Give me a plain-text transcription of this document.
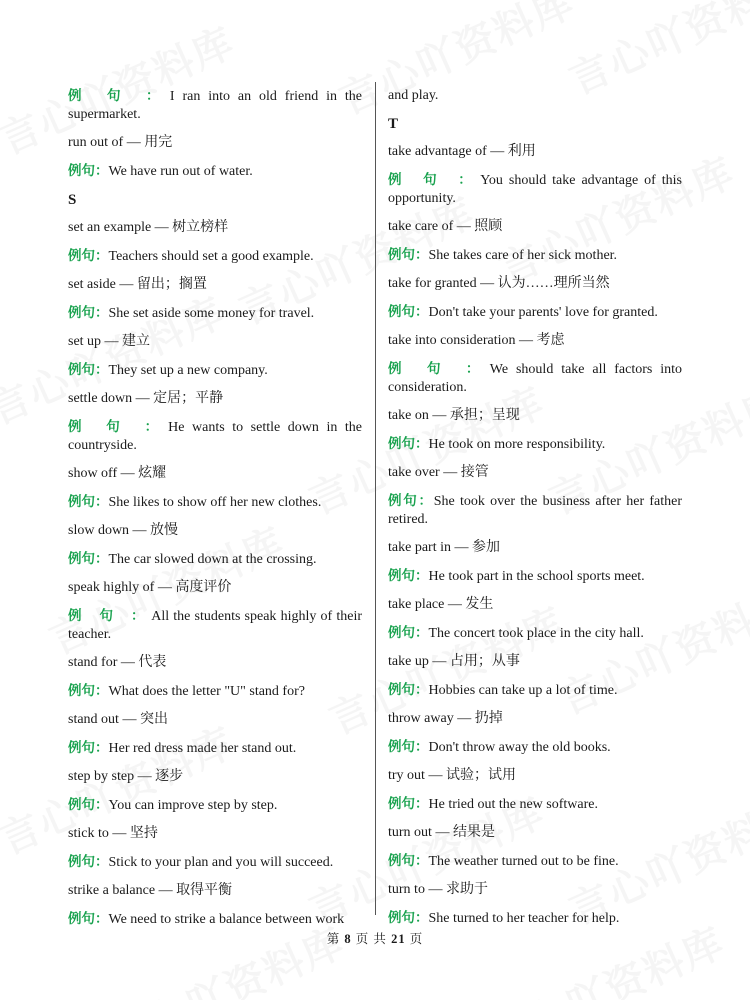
例 句 ：I ran into an old friend in the supermarket.
run out of — 用完
例句：We have run out of water.
S
set an example — 树立榜样
例句：Teachers should set a good example.
set aside — 留出；搁置
例句：She set aside some money for travel.
set up — 建立
例句：They set up a new company.
settle down — 定居；平静
例 句 ：He wants to settle down in the countryside.
show off — 炫耀
例句：She likes to show off her new clothes.
slow down — 放慢
例句：The car slowed down at the crossing.
speak highly of — 高度评价
例 句 ：All the students speak highly of their teacher.
stand for — 代表
例句：What does the letter "U" stand for?
stand out — 突出
例句：Her red dress made her stand out.
step by step — 逐步
例句：You can improve step by step.
stick to — 坚持
例句：Stick to your plan and you will succeed.
strike a balance — 取得平衡
例句：We need to strike a balance between work
and play.
T
take advantage of — 利用
例 句 ：You should take advantage of this opportunity.
take care of — 照顾
例句：She takes care of her sick mother.
take for granted — 认为……理所当然
例句：Don't take your parents' love for granted.
take into consideration — 考虑
例 句 ：We should take all factors into consideration.
take on — 承担；呈现
例句：He took on more responsibility.
take over — 接管
例句：She took over the business after her father retired.
take part in — 参加
例句：He took part in the school sports meet.
take place — 发生
例句：The concert took place in the city hall.
take up — 占用；从事
例句：Hobbies can take up a lot of time.
throw away — 扔掉
例句：Don't throw away the old books.
try out — 试验；试用
例句：He tried out the new software.
turn out — 结果是
例句：The weather turned out to be fine.
turn to — 求助于
例句：She turned to her teacher for help.
第 8 页 共 21 页
